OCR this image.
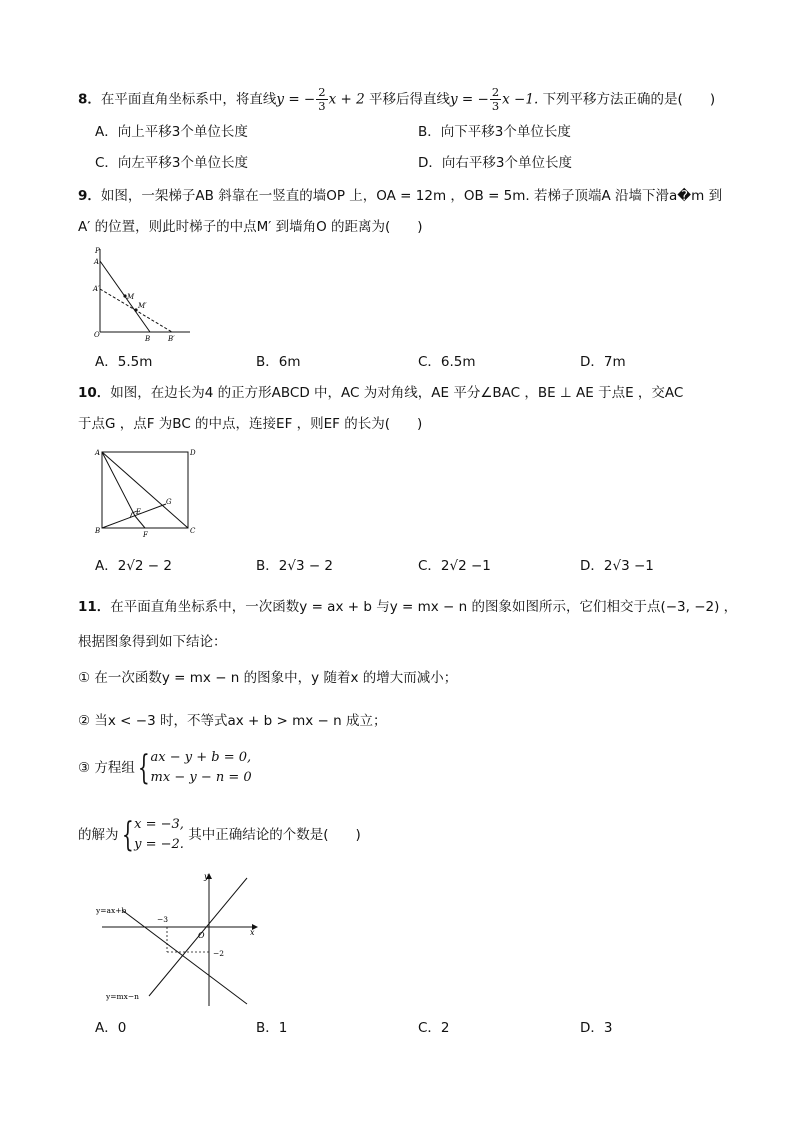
8．在平面直角坐标系中，将直线y = − $\frac{2}{3}$ x + 2 平移后得直线y = − $\frac{2}{3}$ x −1. 下列平移方法正确的是(　　)
A．向上平移3个单位长度	B．向下平移3个单位长度
C．向左平移3个单位长度	D．向右平移3个单位长度
9．如图，一架梯子AB 斜靠在一竖直的墙OP 上，OA = 12m ，OB = 5m. 若梯子顶端A 沿墙下滑a�m 到
A′ 的位置，则此时梯子的中点M′ 到墙角O 的距离为(　　)
P
A
A′
M
M′
O	B	B′
A．5.5m	B．6m	C．6.5m	D．7m
10．如图，在边长为4 的正方形ABCD 中，AC 为对角线，AE 平分∠BAC ，BE ⊥ AE 于点E ，交AC
于点G ，点F 为BC 的中点，连接EF ，则EF 的长为(　　)
A	D
B	C
E
G
F
A．2√2 − 2	B．2√3 − 2	C．2√2 −1	D．2√3 −1
11．在平面直角坐标系中，一次函数y = ax + b 与y = mx − n 的图象如图所示，它们相交于点(−3, −2) ，
根据图象得到如下结论：
① 在一次函数y = mx − n 的图象中，y 随着x 的增大而减小；
② 当x < −3 时，不等式ax + b > mx − n 成立；
③ 方程组{ ax − y + b = 0,
mx − y − n = 0
的解为{ x = −3,
y = −2.
其中正确结论的个数是(　　)
y
x
O
y=ax+b
y=mx−n
−3
−2
A．0	B．1	C．2	D．3
